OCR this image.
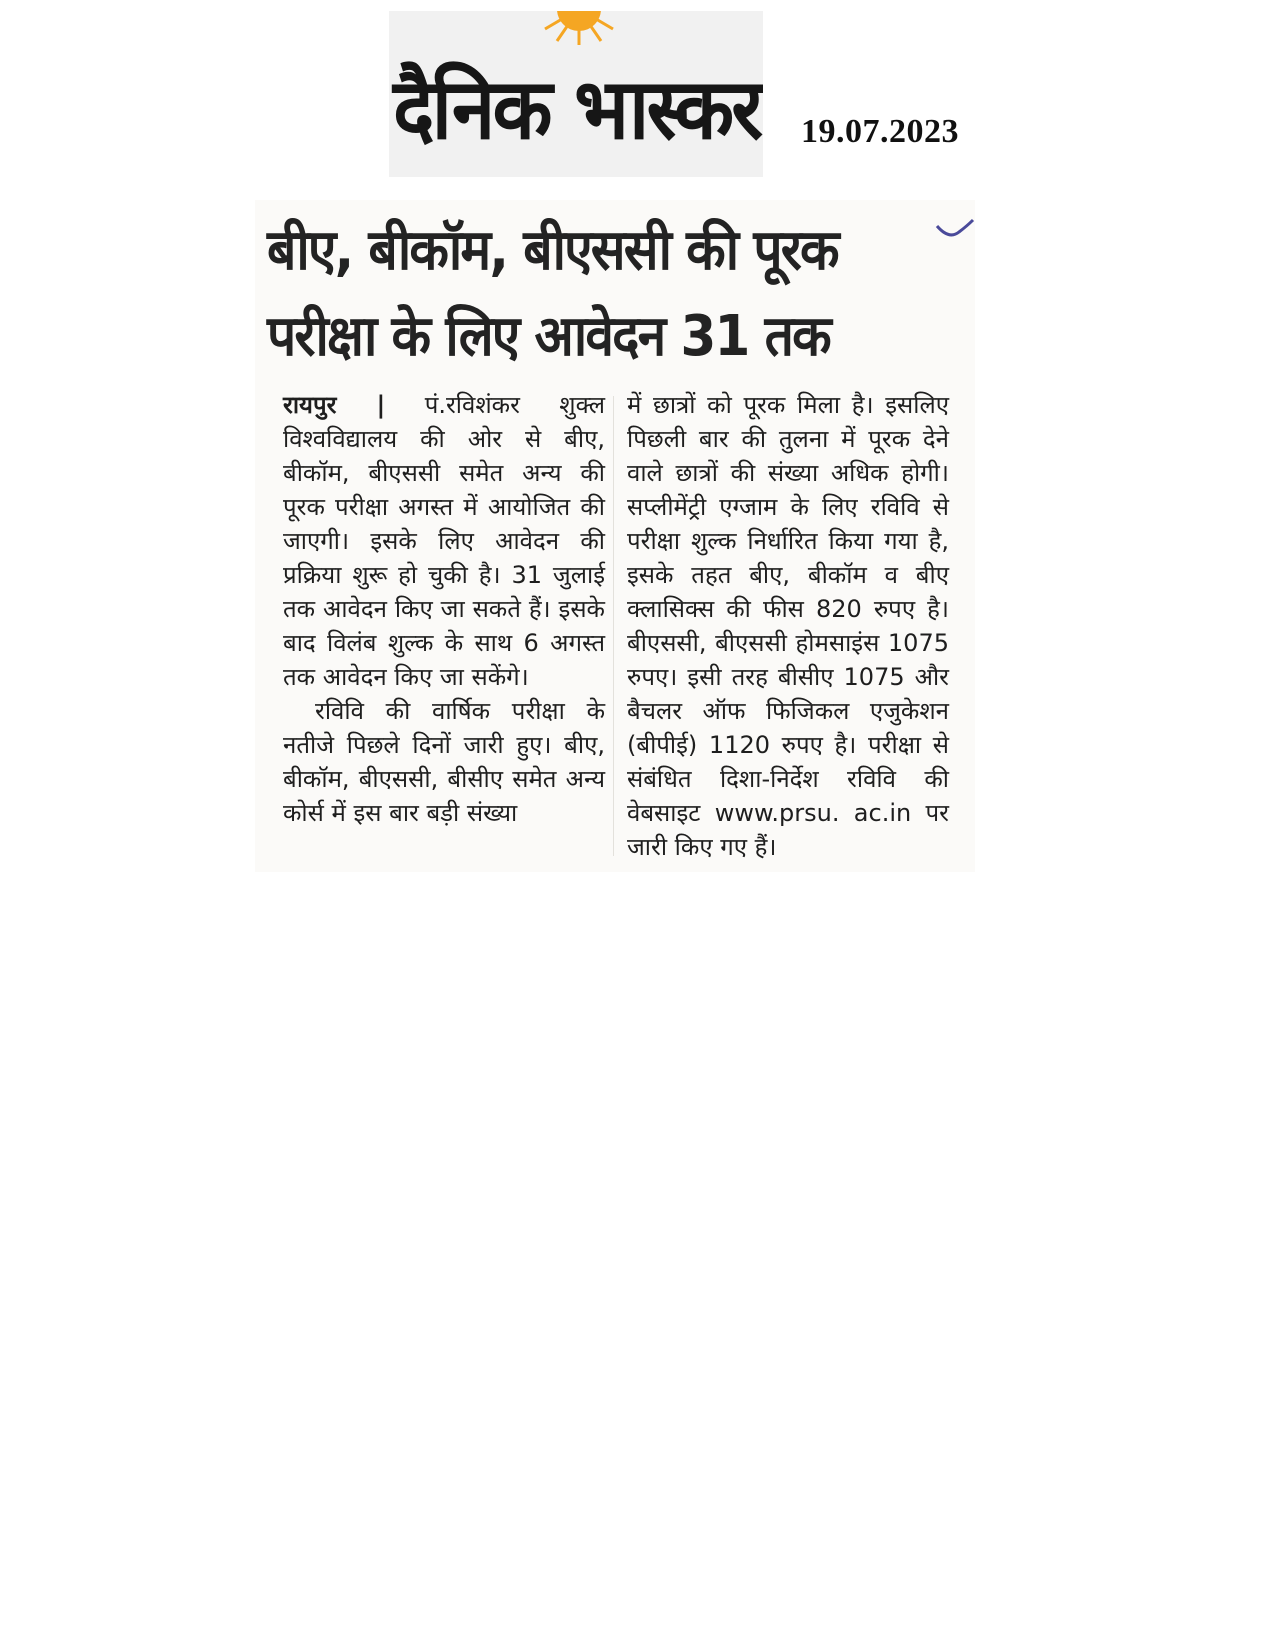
दैनिक भास्कर 19.07.2023
बीए, बीकॉम, बीएससी की पूरक
परीक्षा के लिए आवेदन 31 तक

रायपुर | पं.रविशंकर शुक्ल विश्वविद्यालय की ओर से बीए, बीकॉम, बीएससी समेत अन्य की पूरक परीक्षा अगस्त में आयोजित की जाएगी। इसके लिए आवेदन की प्रक्रिया शुरू हो चुकी है। 31 जुलाई तक आवेदन किए जा सकते हैं। इसके बाद विलंब शुल्क के साथ 6 अगस्त तक आवेदन किए जा सकेंगे।

रविवि की वार्षिक परीक्षा के नतीजे पिछले दिनों जारी हुए। बीए, बीकॉम, बीएससी, बीसीए समेत अन्य कोर्स में इस बार बड़ी संख्या

में छात्रों को पूरक मिला है। इसलिए पिछली बार की तुलना में पूरक देने वाले छात्रों की संख्या अधिक होगी। सप्लीमेंट्री एग्जाम के लिए रविवि से परीक्षा शुल्क निर्धारित किया गया है, इसके तहत बीए, बीकॉम व बीए क्लासिक्स की फीस 820 रुपए है। बीएससी, बीएससी होमसाइंस 1075 रुपए। इसी तरह बीसीए 1075 और बैचलर ऑफ फिजिकल एजुकेशन (बीपीई) 1120 रुपए है। परीक्षा से संबंधित दिशा-निर्देश रविवि की वेबसाइट www.prsu. ac.in पर जारी किए गए हैं।
